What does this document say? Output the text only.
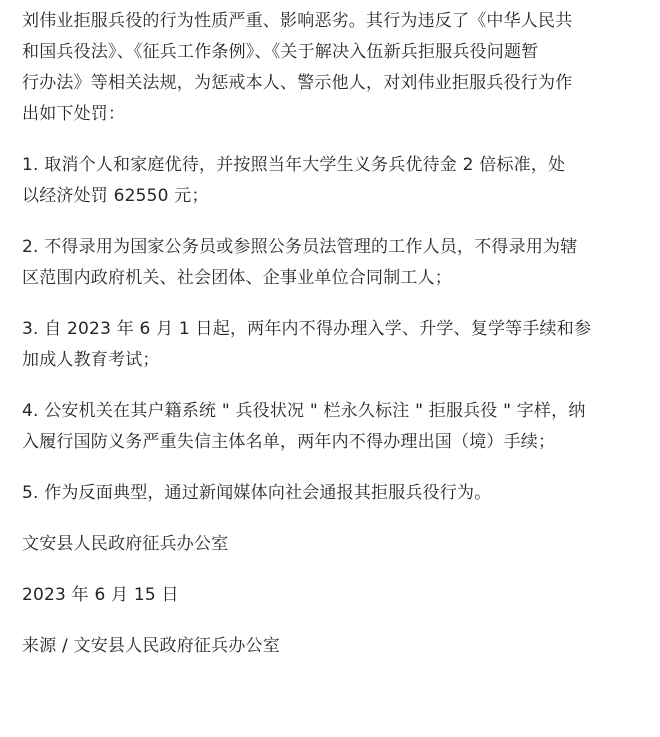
刘伟业拒服兵役的行为性质严重、影响恶劣。其行为违反了《中华人民共
和国兵役法》、《征兵工作条例》、《关于解决入伍新兵拒服兵役问题暂
行办法》等相关法规，为惩戒本人、警示他人，对刘伟业拒服兵役行为作
出如下处罚：

1. 取消个人和家庭优待，并按照当年大学生义务兵优待金 2 倍标准，处
以经济处罚 62550 元；

2. 不得录用为国家公务员或参照公务员法管理的工作人员，不得录用为辖
区范围内政府机关、社会团体、企事业单位合同制工人；

3. 自 2023 年 6 月 1 日起，两年内不得办理入学、升学、复学等手续和参
加成人教育考试；

4. 公安机关在其户籍系统 " 兵役状况 " 栏永久标注 " 拒服兵役 " 字样，纳
入履行国防义务严重失信主体名单，两年内不得办理出国（境）手续；

5. 作为反面典型，通过新闻媒体向社会通报其拒服兵役行为。

文安县人民政府征兵办公室

2023 年 6 月 15 日

来源 / 文安县人民政府征兵办公室
